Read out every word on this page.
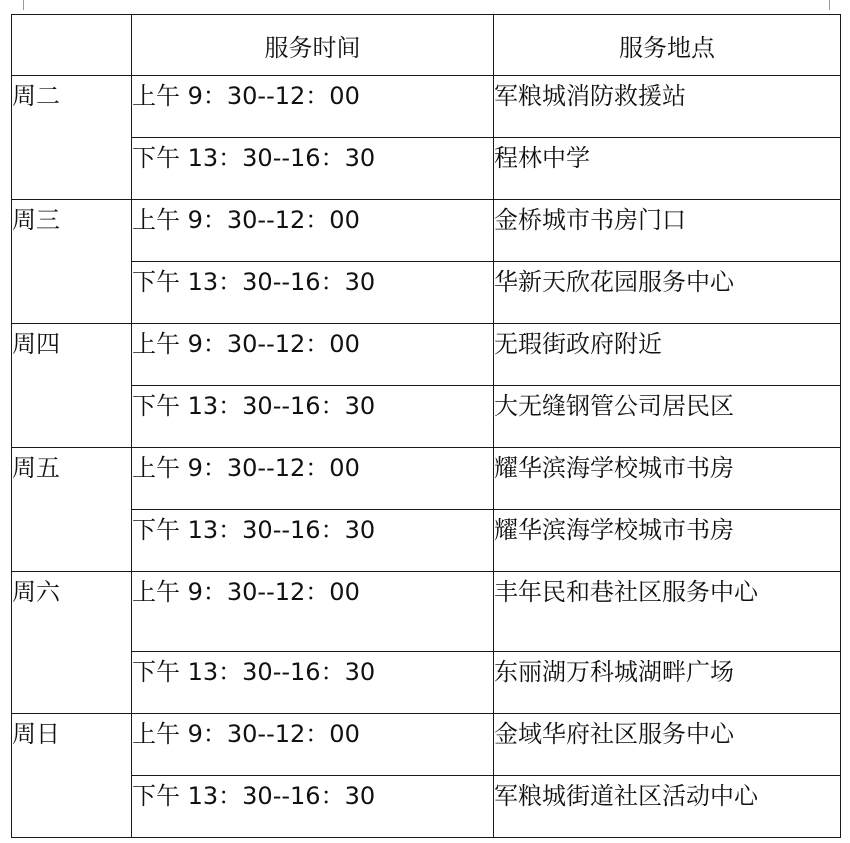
	服务时间	服务地点
周二	上午 9：30--12：00	军粮城消防救援站
	下午 13：30--16：30	程林中学
周三	上午 9：30--12：00	金桥城市书房门口
	下午 13：30--16：30	华新天欣花园服务中心
周四	上午 9：30--12：00	无瑕街政府附近
	下午 13：30--16：30	大无缝钢管公司居民区
周五	上午 9：30--12：00	耀华滨海学校城市书房
	下午 13：30--16：30	耀华滨海学校城市书房
周六	上午 9：30--12：00	丰年民和巷社区服务中心
	下午 13：30--16：30	东丽湖万科城湖畔广场
周日	上午 9：30--12：00	金域华府社区服务中心
	下午 13：30--16：30	军粮城街道社区活动中心
